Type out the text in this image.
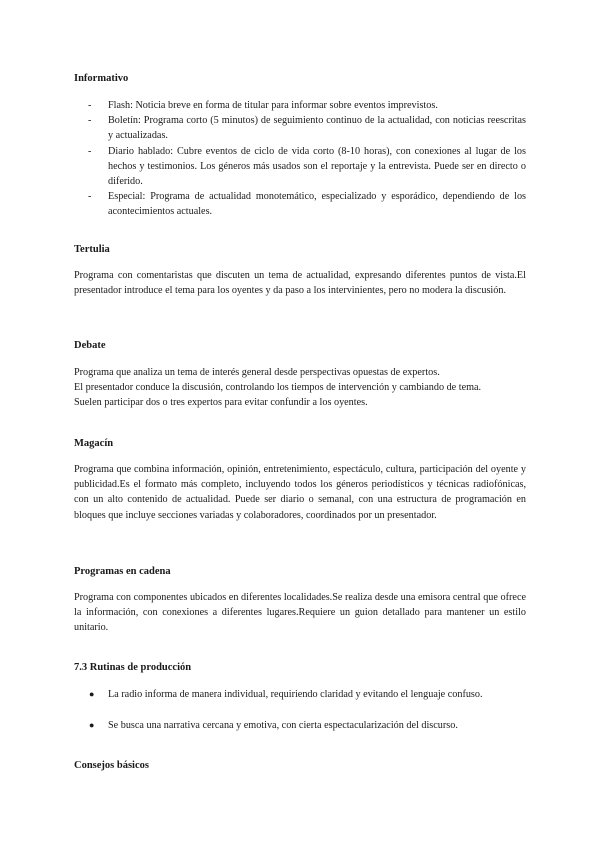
Informativo
- Flash: Noticia breve en forma de titular para informar sobre eventos imprevistos.
- Boletín: Programa corto (5 minutos) de seguimiento continuo de la actualidad, con noticias reescritas y actualizadas.
- Diario hablado: Cubre eventos de ciclo de vida corto (8-10 horas), con conexiones al lugar de los hechos y testimonios. Los géneros más usados son el reportaje y la entrevista. Puede ser en directo o diferido.
- Especial: Programa de actualidad monotemático, especializado y esporádico, dependiendo de los acontecimientos actuales.
Tertulia

Programa con comentaristas que discuten un tema de actualidad, expresando diferentes puntos de vista.El presentador introduce el tema para los oyentes y da paso a los intervinientes, pero no modera la discusión.

Debate

Programa que analiza un tema de interés general desde perspectivas opuestas de expertos.
El presentador conduce la discusión, controlando los tiempos de intervención y cambiando de tema.
Suelen participar dos o tres expertos para evitar confundir a los oyentes.

Magacín

Programa que combina información, opinión, entretenimiento, espectáculo, cultura, participación del oyente y publicidad.Es el formato más completo, incluyendo todos los géneros periodísticos y técnicas radiofónicas, con un alto contenido de actualidad. Puede ser diario o semanal, con una estructura de programación en bloques que incluye secciones variadas y colaboradores, coordinados por un presentador.

Programas en cadena

Programa con componentes ubicados en diferentes localidades.Se realiza desde una emisora central que ofrece la información, con conexiones a diferentes lugares.Requiere un guion detallado para mantener un estilo unitario.

7.3 Rutinas de producción
● La radio informa de manera individual, requiriendo claridad y evitando el lenguaje confuso.
● Se busca una narrativa cercana y emotiva, con cierta espectacularización del discurso.
Consejos básicos
